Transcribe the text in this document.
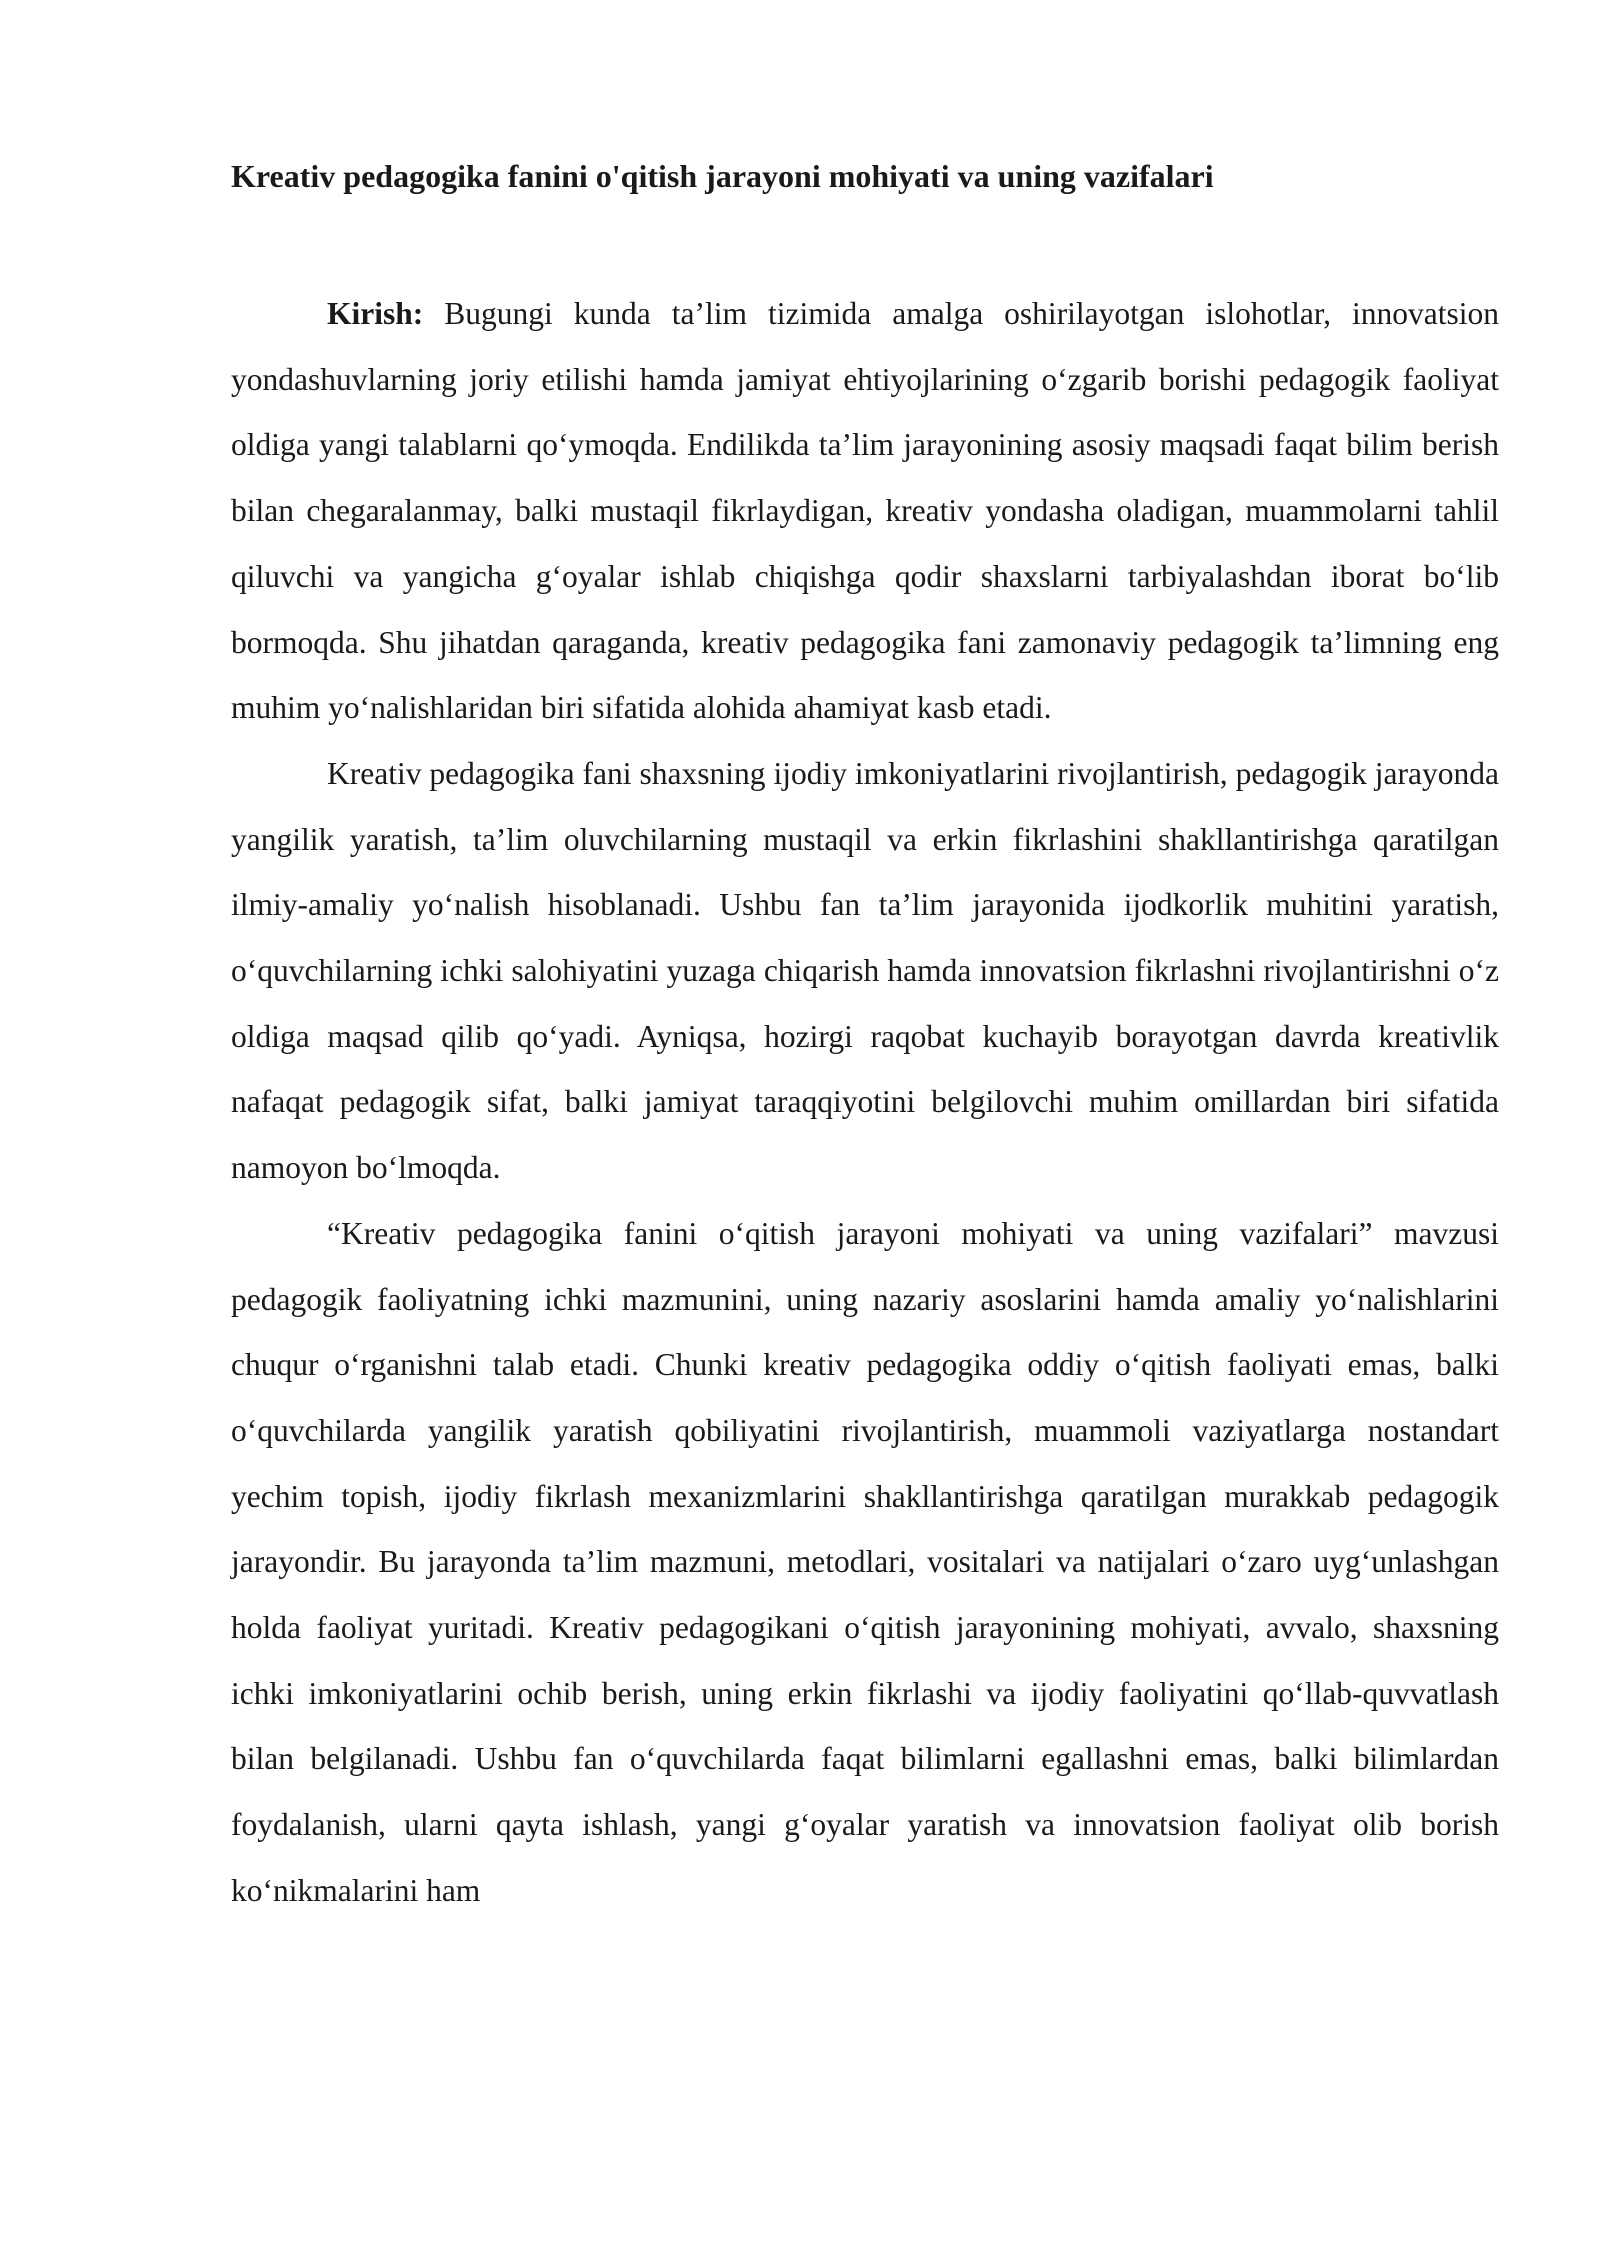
Kreativ pedagogika fanini o'qitish jarayoni mohiyati va uning vazifalari

Kirish: Bugungi kunda ta’lim tizimida amalga oshirilayotgan islohotlar, innovatsion yondashuvlarning joriy etilishi hamda jamiyat ehtiyojlarining o‘zgarib borishi pedagogik faoliyat oldiga yangi talablarni qo‘ymoqda. Endilikda ta’lim jarayonining asosiy maqsadi faqat bilim berish bilan chegaralanmay, balki mustaqil fikrlaydigan, kreativ yondasha oladigan, muammolarni tahlil qiluvchi va yangicha g‘oyalar ishlab chiqishga qodir shaxslarni tarbiyalashdan iborat bo‘lib bormoqda. Shu jihatdan qaraganda, kreativ pedagogika fani zamonaviy pedagogik ta’limning eng muhim yo‘nalishlaridan biri sifatida alohida ahamiyat kasb etadi.

Kreativ pedagogika fani shaxsning ijodiy imkoniyatlarini rivojlantirish, pedagogik jarayonda yangilik yaratish, ta’lim oluvchilarning mustaqil va erkin fikrlashini shakllantirishga qaratilgan ilmiy-amaliy yo‘nalish hisoblanadi. Ushbu fan ta’lim jarayonida ijodkorlik muhitini yaratish, o‘quvchilarning ichki salohiyatini yuzaga chiqarish hamda innovatsion fikrlashni rivojlantirishni o‘z oldiga maqsad qilib qo‘yadi. Ayniqsa, hozirgi raqobat kuchayib borayotgan davrda kreativlik nafaqat pedagogik sifat, balki jamiyat taraqqiyotini belgilovchi muhim omillardan biri sifatida namoyon bo‘lmoqda.

“Kreativ pedagogika fanini o‘qitish jarayoni mohiyati va uning vazifalari” mavzusi pedagogik faoliyatning ichki mazmunini, uning nazariy asoslarini hamda amaliy yo‘nalishlarini chuqur o‘rganishni talab etadi. Chunki kreativ pedagogika oddiy o‘qitish faoliyati emas, balki o‘quvchilarda yangilik yaratish qobiliyatini rivojlantirish, muammoli vaziyatlarga nostandart yechim topish, ijodiy fikrlash mexanizmlarini shakllantirishga qaratilgan murakkab pedagogik jarayondir. Bu jarayonda ta’lim mazmuni, metodlari, vositalari va natijalari o‘zaro uyg‘unlashgan holda faoliyat yuritadi. Kreativ pedagogikani o‘qitish jarayonining mohiyati, avvalo, shaxsning ichki imkoniyatlarini ochib berish, uning erkin fikrlashi va ijodiy faoliyatini qo‘llab-quvvatlash bilan belgilanadi. Ushbu fan o‘quvchilarda faqat bilimlarni egallashni emas, balki bilimlardan foydalanish, ularni qayta ishlash, yangi g‘oyalar yaratish va innovatsion faoliyat olib borish ko‘nikmalarini ham
